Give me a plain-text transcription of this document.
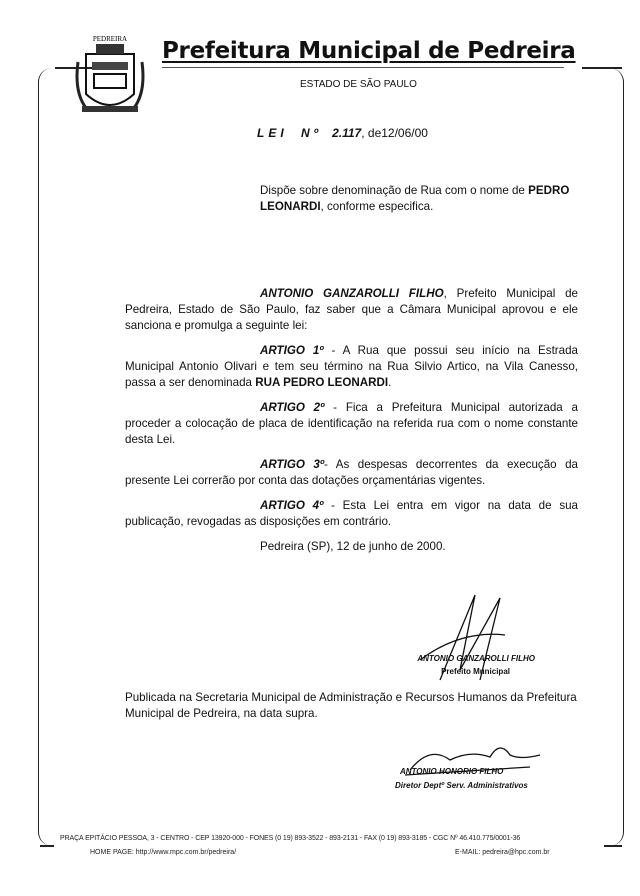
PEDREIRA Prefeitura Municipal de Pedreira
ESTADO DE SÃO PAULO
LEI Nº 2.117, de12/06/00
Dispõe sobre denominação de Rua com o nome de PEDRO LEONARDI, conforme especifica.

ANTONIO GANZAROLLI FILHO, Prefeito Municipal de Pedreira, Estado de São Paulo, faz saber que a Câmara Municipal aprovou e ele sanciona e promulga a seguinte lei:

ARTIGO 1º - A Rua que possui seu início na Estrada Municipal Antonio Olivari e tem seu término na Rua Silvio Artico, na Vila Canesso, passa a ser denominada RUA PEDRO LEONARDI.

ARTIGO 2º - Fica a Prefeitura Municipal autorizada a proceder a colocação de placa de identificação na referida rua com o nome constante desta Lei.

ARTIGO 3º- As despesas decorrentes da execução da presente Lei correrão por conta das dotações orçamentárias vigentes.

ARTIGO 4º - Esta Lei entra em vigor na data de sua publicação, revogadas as disposições em contrário.

Pedreira (SP), 12 de junho de 2000.
ANTONIO GANZAROLLI FILHO
Prefeito Municipal
Publicada na Secretaria Municipal de Administração e Recursos Humanos da Prefeitura Municipal de Pedreira, na data supra.
ANTONIO HONORIO FILHO
Diretor Deptº Serv. Administrativos
PRAÇA EPITÁCIO PESSOA, 3 - CENTRO - CEP 13920-000 - FONES (0 19) 893-3522 - 893-2131 - FAX (0 19) 893-3185 - CGC Nº 46.410.775/0001-36
HOME PAGE: http://www.mpc.com.br/pedreira/	E-MAIL: pedreira@hpc.com.br
